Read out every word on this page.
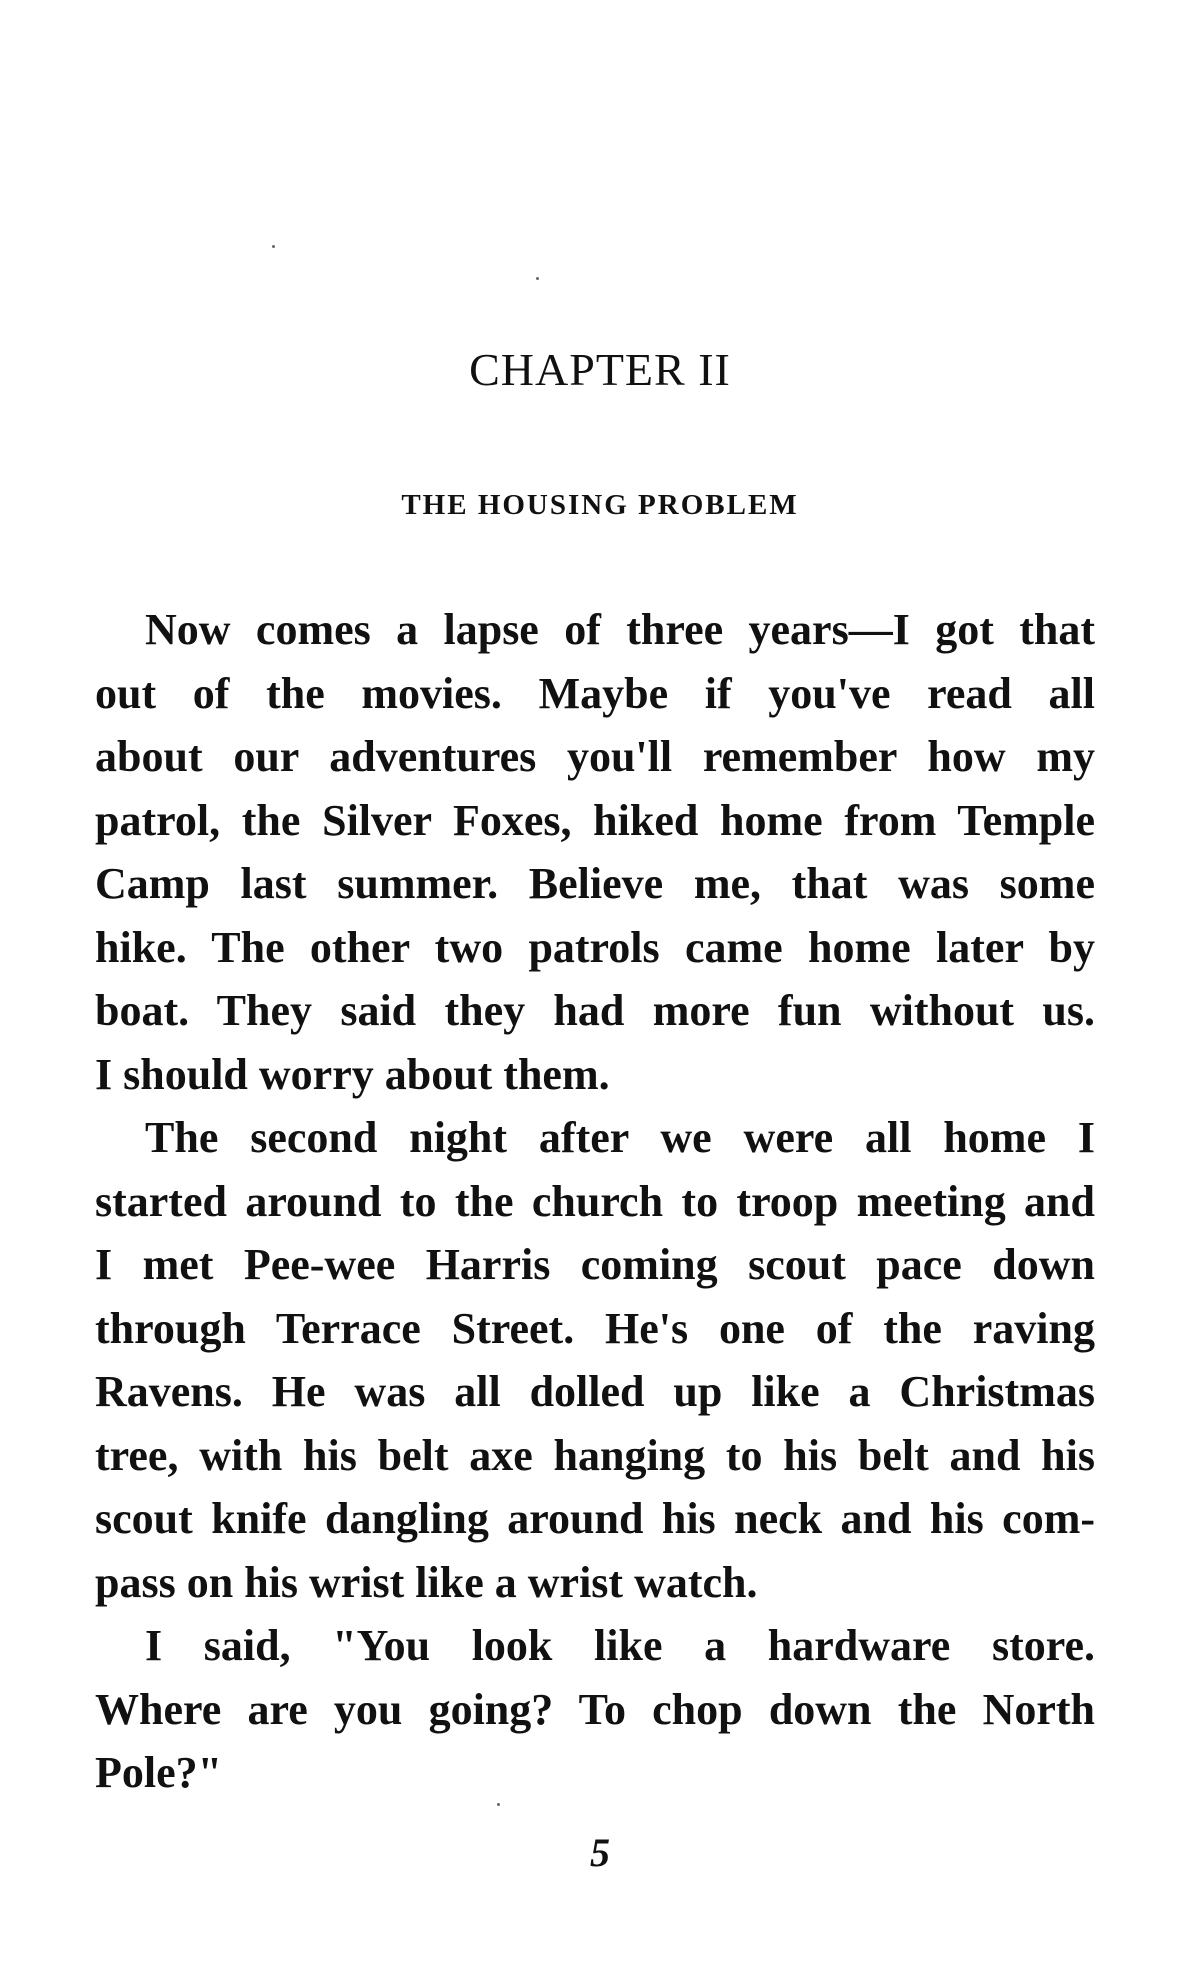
CHAPTER II
THE HOUSING PROBLEM
Now comes a lapse of three years—I got that
out of the movies. Maybe if you've read all
about our adventures you'll remember how my
patrol, the Silver Foxes, hiked home from Temple
Camp last summer. Believe me, that was some
hike. The other two patrols came home later by
boat. They said they had more fun without us.
I should worry about them.
The second night after we were all home I
started around to the church to troop meeting and
I met Pee-wee Harris coming scout pace down
through Terrace Street. He's one of the raving
Ravens. He was all dolled up like a Christmas
tree, with his belt axe hanging to his belt and his
scout knife dangling around his neck and his com-
pass on his wrist like a wrist watch.
I said, "You look like a hardware store.
Where are you going? To chop down the North
Pole?"
5
